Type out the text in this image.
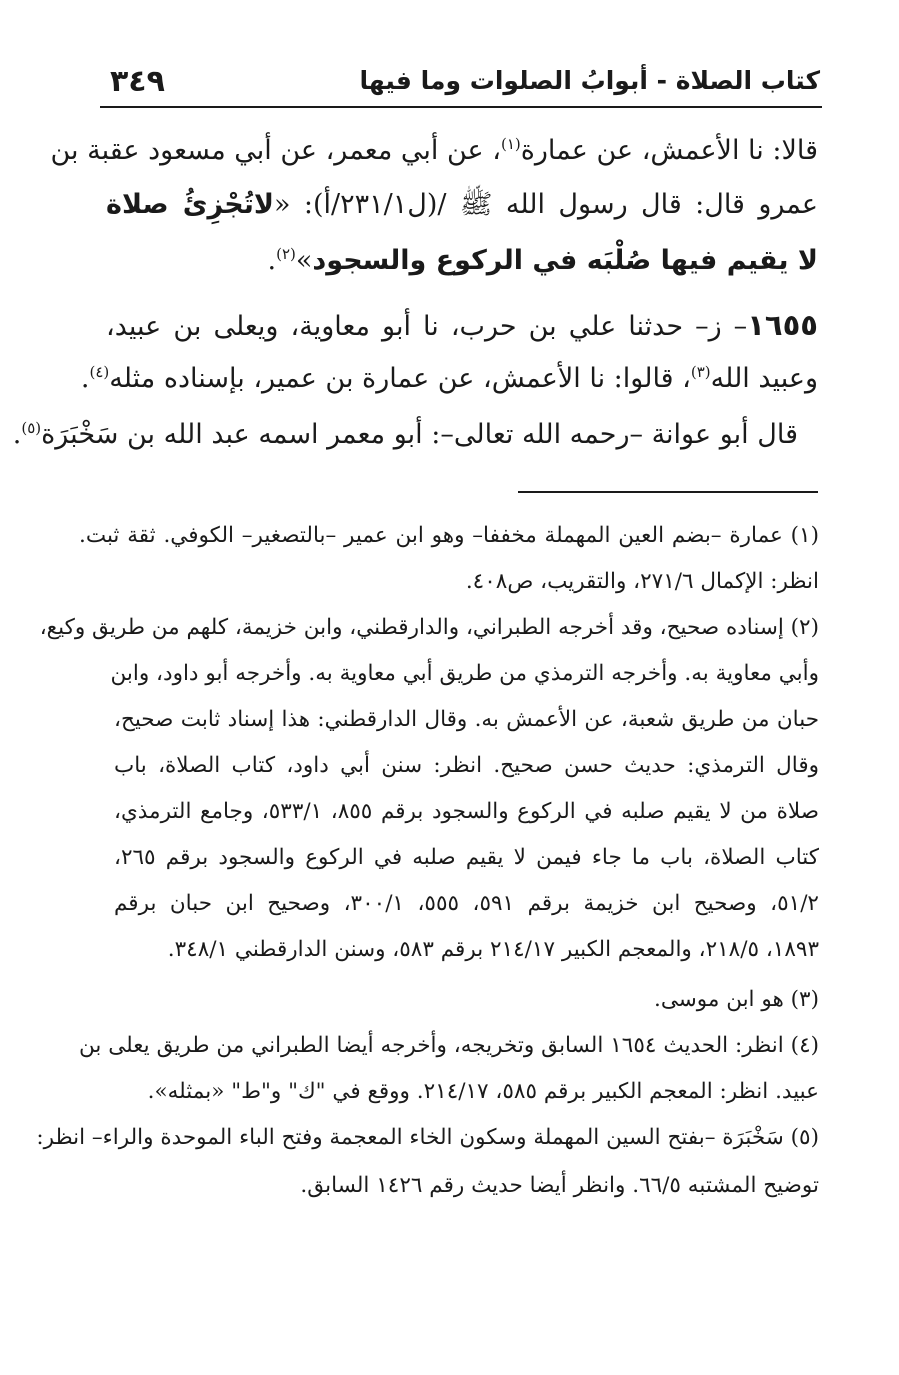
٣٤٩	كتاب الصلاة - أبوابُ الصلوات وما فيها
قالا: نا الأعمش، عن عمارة$^{(١)}$، عن أبي معمر، عن أبي مسعود عقبة بن
عمرو قال: قال رسول الله ﷺ /(ل٢٣١/١/أ): «لاتُجْزِئُ صلاة
لا يقيم فيها صُلْبَه في الركوع والسجود»$^{(٢)}$.
١٦٥٥– ز– حدثنا علي بن حرب، نا أبو معاوية، ويعلى بن عبيد،
وعبيد الله$^{(٣)}$، قالوا: نا الأعمش، عن عمارة بن عمير، بإسناده مثله$^{(٤)}$.
قال أبو عوانة –رحمه الله تعالى–: أبو معمر اسمه عبد الله بن سَخْبَرَة$^{(٥)}$.
(١) عمارة –بضم العين المهملة مخففا– وهو ابن عمير –بالتصغير– الكوفي. ثقة ثبت.
انظر: الإكمال ٢٧١/٦، والتقريب، ص٤٠٨.
(٢) إسناده صحيح، وقد أخرجه الطبراني، والدارقطني، وابن خزيمة، كلهم من طريق وكيع،
وأبي معاوية به. وأخرجه الترمذي من طريق أبي معاوية به. وأخرجه أبو داود، وابن
حبان من طريق شعبة، عن الأعمش به. وقال الدارقطني: هذا إسناد ثابت صحيح،
وقال الترمذي: حديث حسن صحيح. انظر: سنن أبي داود، كتاب الصلاة، باب
صلاة من لا يقيم صلبه في الركوع والسجود برقم ٨٥٥، ٥٣٣/١، وجامع الترمذي،
كتاب الصلاة، باب ما جاء فيمن لا يقيم صلبه في الركوع والسجود برقم ٢٦٥،
٥١/٢، وصحيح ابن خزيمة برقم ٥٩١، ٥٥٥، ٣٠٠/١، وصحيح ابن حبان برقم
١٨٩٣، ٢١٨/٥، والمعجم الكبير ٢١٤/١٧ برقم ٥٨٣، وسنن الدارقطني ٣٤٨/١.
(٣) هو ابن موسى.
(٤) انظر: الحديث ١٦٥٤ السابق وتخريجه، وأخرجه أيضا الطبراني من طريق يعلى بن
عبيد. انظر: المعجم الكبير برقم ٥٨٥، ٢١٤/١٧. ووقع في "ك" و"ط" «بمثله».
(٥) سَخْبَرَة –بفتح السين المهملة وسكون الخاء المعجمة وفتح الباء الموحدة والراء– انظر:
توضيح المشتبه ٦٦/٥. وانظر أيضا حديث رقم ١٤٢٦ السابق.
